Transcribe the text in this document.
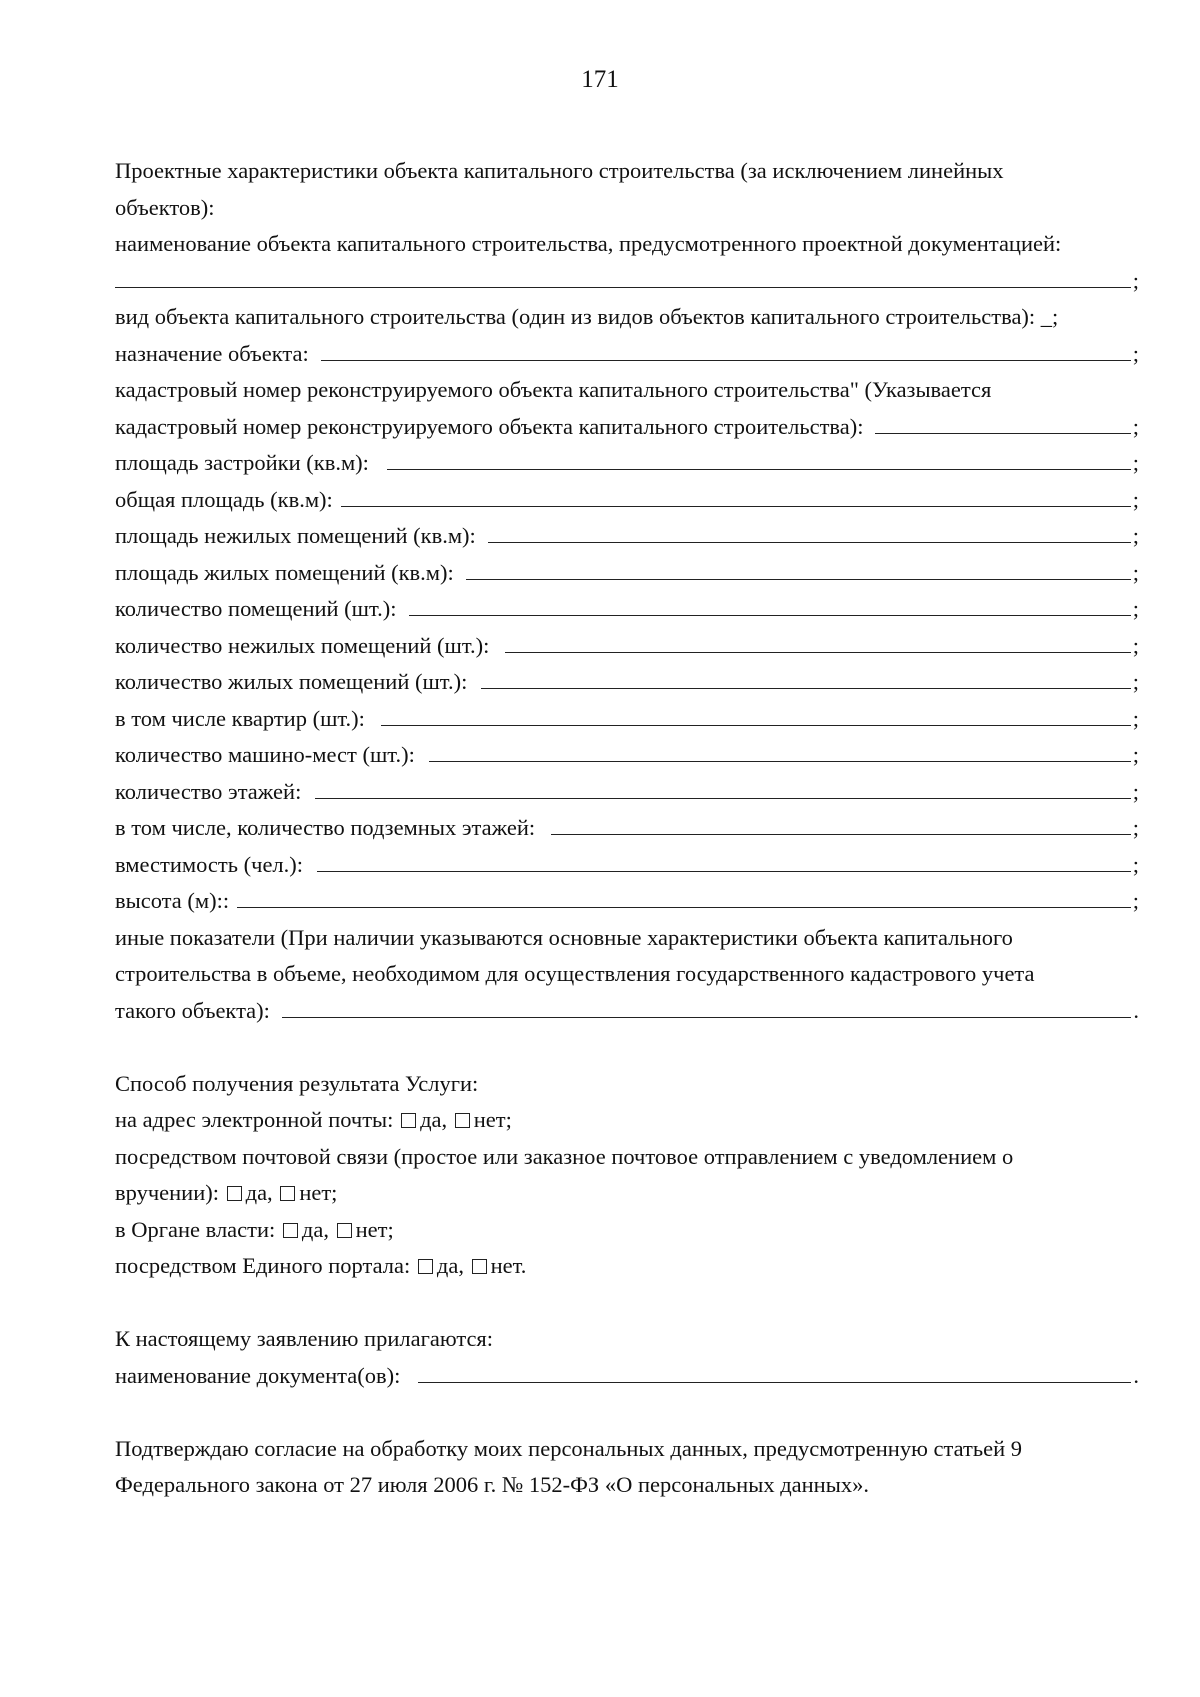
171
Проектные характеристики объекта капитального строительства (за исключением линейных
объектов):
наименование объекта капитального строительства, предусмотренного проектной документацией:
;
вид объекта капитального строительства (один из видов объектов капитального строительства): _;
назначение объекта:	;
кадастровый номер реконструируемого объекта капитального строительства" (Указывается
кадастровый номер реконструируемого объекта капитального строительства):	;
площадь застройки (кв.м):	;
общая площадь (кв.м):	;
площадь нежилых помещений (кв.м):	;
площадь жилых помещений (кв.м):	;
количество помещений (шт.):	;
количество нежилых помещений (шт.):	;
количество жилых помещений (шт.):	;
в том числе квартир (шт.):	;
количество машино-мест (шт.):	;
количество этажей:	;
в том числе, количество подземных этажей:	;
вместимость (чел.):	;
высота (м)::	;
иные показатели (При наличии указываются основные характеристики объекта капитального
строительства в объеме, необходимом для осуществления государственного кадастрового учета
такого объекта):	.
Способ получения результата Услуги:
на адрес электронной почты: да, нет;
посредством почтовой связи (простое или заказное почтовое отправлением с уведомлением о
вручении): да, нет;
в Органе власти: да, нет;
посредством Единого портала: да, нет.
К настоящему заявлению прилагаются:
наименование документа(ов):	.
Подтверждаю согласие на обработку моих персональных данных, предусмотренную статьей 9
Федерального закона от 27 июля 2006 г. № 152-ФЗ «О персональных данных».
